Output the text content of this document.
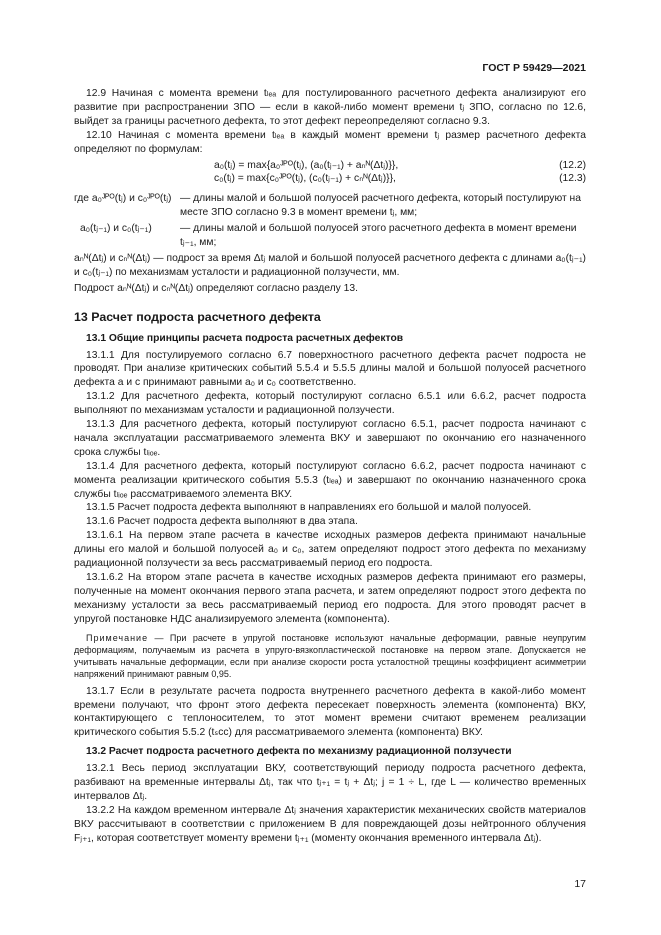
ГОСТ Р 59429—2021

12.9 Начиная с момента времени tₗₑₐ для постулированного расчетного дефекта анализируют его развитие при распространении ЗПО — если в какой-либо момент времени tⱼ ЗПО, согласно по 12.6, выйдет за границы расчетного дефекта, то этот дефект переопределяют согласно 9.3.

12.10 Начиная с момента времени tₗₑₐ в каждый момент времени tⱼ размер расчетного дефекта определяют по формулам:

a₀(tⱼ) = max{a₀ᴶᴾᴼ(tⱼ), (a₀(tⱼ₋₁) + aₙᴺ(Δtⱼ)}},	(12.2)
c₀(tⱼ) = max{c₀ᴶᴾᴼ(tⱼ), (c₀(tⱼ₋₁) + cₙᴺ(Δtⱼ)}},	(12.3)
где a₀ᴶᴾᴼ(tⱼ) и c₀ᴶᴾᴼ(tⱼ) — длины малой и большой полуосей расчетного дефекта, который постулируют на месте ЗПО согласно 9.3 в момент времени tⱼ, мм;
a₀(tⱼ₋₁) и c₀(tⱼ₋₁)	— длины малой и большой полуосей этого расчетного дефекта в момент времени tⱼ₋₁, мм;

aₙᴺ(Δtⱼ) и cₙᴺ(Δtⱼ) — подрост за время Δtⱼ малой и большой полуосей расчетного дефекта с длинами a₀(tⱼ₋₁) и c₀(tⱼ₋₁) по механизмам усталости и радиационной ползучести, мм.

Подрост aₙᴺ(Δtⱼ) и cₙᴺ(Δtⱼ) определяют согласно разделу 13.

13 Расчет подроста расчетного дефекта
13.1 Общие принципы расчета подроста расчетных дефектов

13.1.1 Для постулируемого согласно 6.7 поверхностного расчетного дефекта расчет подроста не проводят. При анализе критических событий 5.5.4 и 5.5.5 длины малой и большой полуосей расчетного дефекта a и c принимают равными a₀ и c₀ соответственно.

13.1.2 Для расчетного дефекта, который постулируют согласно 6.5.1 или 6.6.2, расчет подроста выполняют по механизмам усталости и радиационной ползучести.

13.1.3 Для расчетного дефекта, который постулируют согласно 6.5.1, расчет подроста начинают с начала эксплуатации рассматриваемого элемента ВКУ и завершают по окончанию его назначенного срока службы tₗᵢₒₑ.

13.1.4 Для расчетного дефекта, который постулируют согласно 6.6.2, расчет подроста начинают с момента реализации критического события 5.5.3 (tₗₑₐ) и завершают по окончанию назначенного срока службы tₗᵢₒₑ рассматриваемого элемента ВКУ.

13.1.5 Расчет подроста дефекта выполняют в направлениях его большой и малой полуосей.

13.1.6 Расчет подроста дефекта выполняют в два этапа.

13.1.6.1 На первом этапе расчета в качестве исходных размеров дефекта принимают начальные длины его малой и большой полуосей a₀ и c₀, затем определяют подрост этого дефекта по механизму радиационной ползучести за весь рассматриваемый период его подроста.

13.1.6.2 На втором этапе расчета в качестве исходных размеров дефекта принимают его размеры, полученные на момент окончания первого этапа расчета, и затем определяют подрост этого дефекта по механизму усталости за весь рассматриваемый период его подроста. Для этого проводят расчет в упругой постановке НДС анализируемого элемента (компонента).

Примечание — При расчете в упругой постановке используют начальные деформации, равные неупругим деформациям, получаемым из расчета в упруго-вязкопластической постановке на первом этапе. Допускается не учитывать начальные деформации, если при анализе скорости роста усталостной трещины коэффициент асимметрии напряжений принимают равным 0,95.

13.1.7 Если в результате расчета подроста внутреннего расчетного дефекта в какой-либо момент времени получают, что фронт этого дефекта пересекает поверхность элемента (компонента) ВКУ, контактирующего с теплоносителем, то этот момент времени считают временем реализации критического события 5.5.2 (tₛᴄᴄ) для рассматриваемого элемента (компонента) ВКУ.

13.2 Расчет подроста расчетного дефекта по механизму радиационной ползучести

13.2.1 Весь период эксплуатации ВКУ, соответствующий периоду подроста расчетного дефекта, разбивают на временные интервалы Δtⱼ, так что tⱼ₊₁ = tⱼ + Δtⱼ; j = 1 ÷ L, где L — количество временных интервалов Δtⱼ.

13.2.2 На каждом временном интервале Δtⱼ значения характеристик механических свойств материалов ВКУ рассчитывают в соответствии с приложением В для повреждающей дозы нейтронного облучения Fⱼ₊₁, которая соответствует моменту времени tⱼ₊₁ (моменту окончания временного интервала Δtⱼ).

17
